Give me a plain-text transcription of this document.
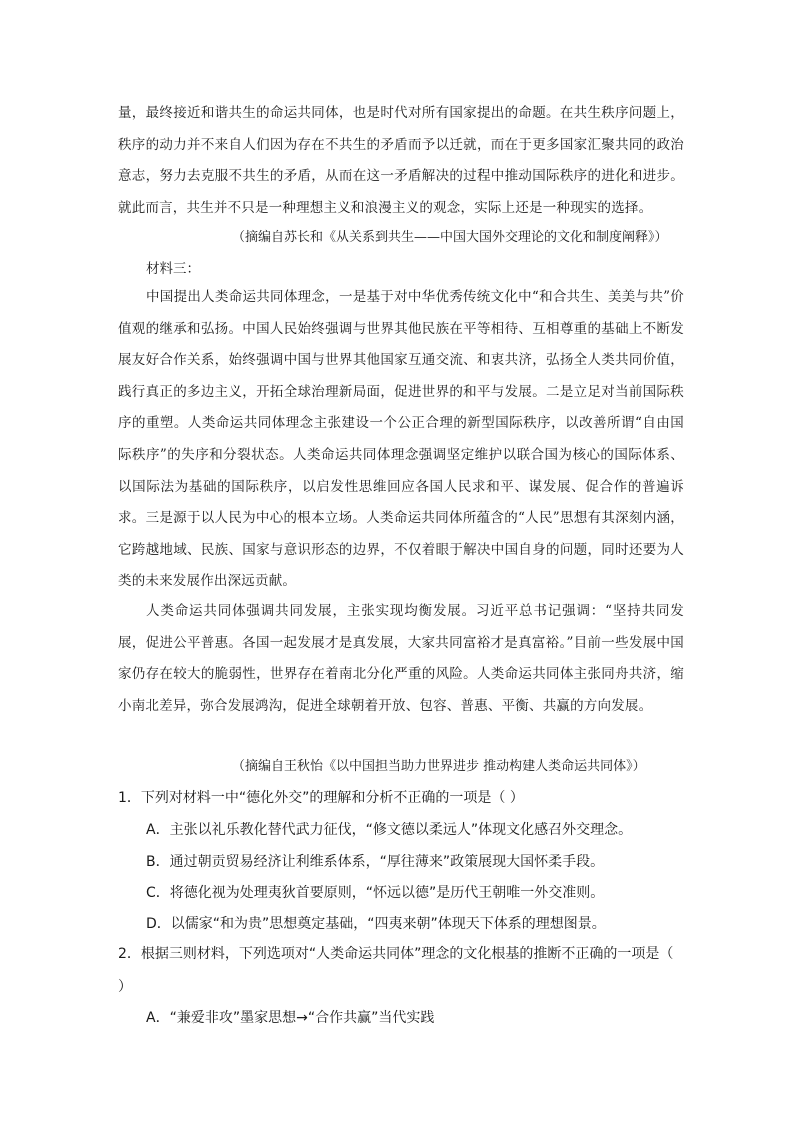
量，最终接近和谐共生的命运共同体，也是时代对所有国家提出的命题。在共生秩序问题上，秩序的动力并不来自人们因为存在不共生的矛盾而予以迁就，而在于更多国家汇聚共同的政治意志，努力去克服不共生的矛盾，从而在这一矛盾解决的过程中推动国际秩序的进化和进步。就此而言，共生并不只是一种理想主义和浪漫主义的观念，实际上还是一种现实的选择。

（摘编自苏长和《从关系到共生——中国大国外交理论的文化和制度阐释》）
材料三：

中国提出人类命运共同体理念，一是基于对中华优秀传统文化中“和合共生、美美与共”价值观的继承和弘扬。中国人民始终强调与世界其他民族在平等相待、互相尊重的基础上不断发展友好合作关系，始终强调中国与世界其他国家互通交流、和衷共济，弘扬全人类共同价值，践行真正的多边主义，开拓全球治理新局面，促进世界的和平与发展。二是立足对当前国际秩序的重塑。人类命运共同体理念主张建设一个公正合理的新型国际秩序，以改善所谓“自由国际秩序”的失序和分裂状态。人类命运共同体理念强调坚定维护以联合国为核心的国际体系、以国际法为基础的国际秩序，以启发性思维回应各国人民求和平、谋发展、促合作的普遍诉求。三是源于以人民为中心的根本立场。人类命运共同体所蕴含的“人民”思想有其深刻内涵，它跨越地域、民族、国家与意识形态的边界，不仅着眼于解决中国自身的问题，同时还要为人类的未来发展作出深远贡献。

人类命运共同体强调共同发展，主张实现均衡发展。习近平总书记强调：“坚持共同发展，促进公平普惠。各国一起发展才是真发展，大家共同富裕才是真富裕。”目前一些发展中国家仍存在较大的脆弱性，世界存在着南北分化严重的风险。人类命运共同体主张同舟共济，缩小南北差异，弥合发展鸿沟，促进全球朝着开放、包容、普惠、平衡、共赢的方向发展。

（摘编自王秋怡《以中国担当助力世界进步 推动构建人类命运共同体》）
1．下列对材料一中“德化外交”的理解和分析不正确的一项是（ ）
A．主张以礼乐教化替代武力征伐，“修文德以柔远人”体现文化感召外交理念。
B．通过朝贡贸易经济让利维系体系，“厚往薄来”政策展现大国怀柔手段。
C．将德化视为处理夷狄首要原则，“怀远以德”是历代王朝唯一外交准则。
D．以儒家“和为贵”思想奠定基础，“四夷来朝”体现天下体系的理想图景。
2．根据三则材料，下列选项对“人类命运共同体”理念的文化根基的推断不正确的一项是（ ）
A．“兼爱非攻”墨家思想→“合作共赢”当代实践
